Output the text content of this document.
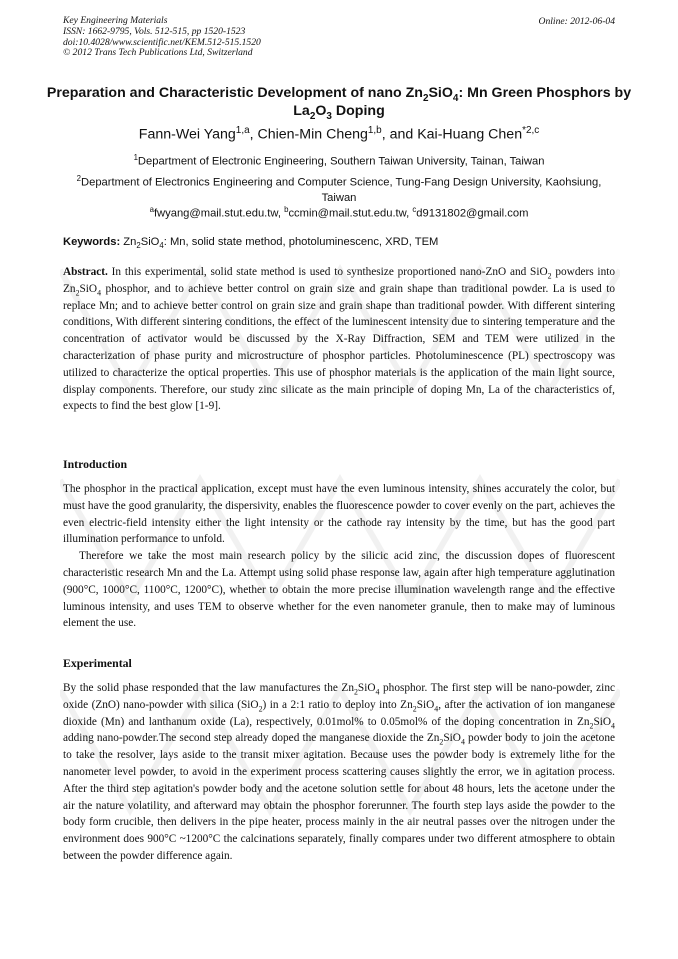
Key Engineering Materials
ISSN: 1662-9795, Vols. 512-515, pp 1520-1523
doi:10.4028/www.scientific.net/KEM.512-515.1520
© 2012 Trans Tech Publications Ltd, Switzerland
Online: 2012-06-04
Preparation and Characteristic Development of nano $Zn_2SiO_4$: Mn Green Phosphors by $La_2O_3$ Doping
Fann-Wei Yang$^{1,a}$, Chien-Min Cheng$^{1,b}$, and Kai-Huang Chen$^{*2,c}$
$^1$Department of Electronic Engineering, Southern Taiwan University, Tainan, Taiwan
$^2$Department of Electronics Engineering and Computer Science, Tung-Fang Design University, Kaohsiung, Taiwan
$^a$fwyang@mail.stut.edu.tw, $^b$ccmin@mail.stut.edu.tw, $^c$d9131802@gmail.com
Keywords: $Zn_2SiO_4$: Mn, solid state method, photoluminescenc, XRD, TEM

Abstract. In this experimental, solid state method is used to synthesize proportioned nano-ZnO and SiO$_2$ powders into $Zn_2SiO_4$ phosphor, and to achieve better control on grain size and grain shape than traditional powder. La is used to replace Mn; and to achieve better control on grain size and grain shape than traditional powder. With different sintering conditions, With different sintering conditions, the effect of the luminescent intensity due to sintering temperature and the concentration of activator would be discussed by the X-Ray Diffraction, SEM and TEM were utilized in the characterization of phase purity and microstructure of phosphor particles. Photoluminescence (PL) spectroscopy was utilized to characterize the optical properties. This use of phosphor materials is the application of the main light source, display components. Therefore, our study zinc silicate as the main principle of doping Mn, La of the characteristics of, expects to find the best glow [1-9].

Introduction

The phosphor in the practical application, except must have the even luminous intensity, shines accurately the color, but must have the good granularity, the dispersivity, enables the fluorescence powder to cover evenly on the part, achieves the even electric-field intensity either the light intensity or the cathode ray intensity by the time, but has the good part illumination performance to unfold.

Therefore we take the most main research policy by the silicic acid zinc, the discussion dopes of fluorescent characteristic research Mn and the La. Attempt using solid phase response law, again after high temperature agglutination (900°C, 1000°C, 1100°C, 1200°C), whether to obtain the more precise illumination wavelength range and the effective luminous intensity, and uses TEM to observe whether for the even nanometer granule, then to make may of luminous element the use.

Experimental

By the solid phase responded that the law manufactures the $Zn_2SiO_4$ phosphor. The first step will be nano-powder, zinc oxide (ZnO) nano-powder with silica (SiO$_2$) in a 2:1 ratio to deploy into $Zn_2SiO_4$, after the activation of ion manganese dioxide (Mn) and lanthanum oxide (La), respectively, 0.01mol% to 0.05mol% of the doping concentration in $Zn_2SiO_4$ adding nano-powder.The second step already doped the manganese dioxide the $Zn_2SiO_4$ powder body to join the acetone to take the resolver, lays aside to the transit mixer agitation. Because uses the powder body is extremely lithe for the nanometer level powder, to avoid in the experiment process scattering causes slightly the error, we in agitation process. After the third step agitation's powder body and the acetone solution settle for about 48 hours, lets the acetone under the air the nature volatility, and afterward may obtain the phosphor forerunner. The fourth step lays aside the powder to the body form crucible, then delivers in the pipe heater, process mainly in the air neutral passes over the nitrogen under the environment does 900°C ~1200°C the calcinations separately, finally compares under two different atmosphere to obtain between the powder difference again.
